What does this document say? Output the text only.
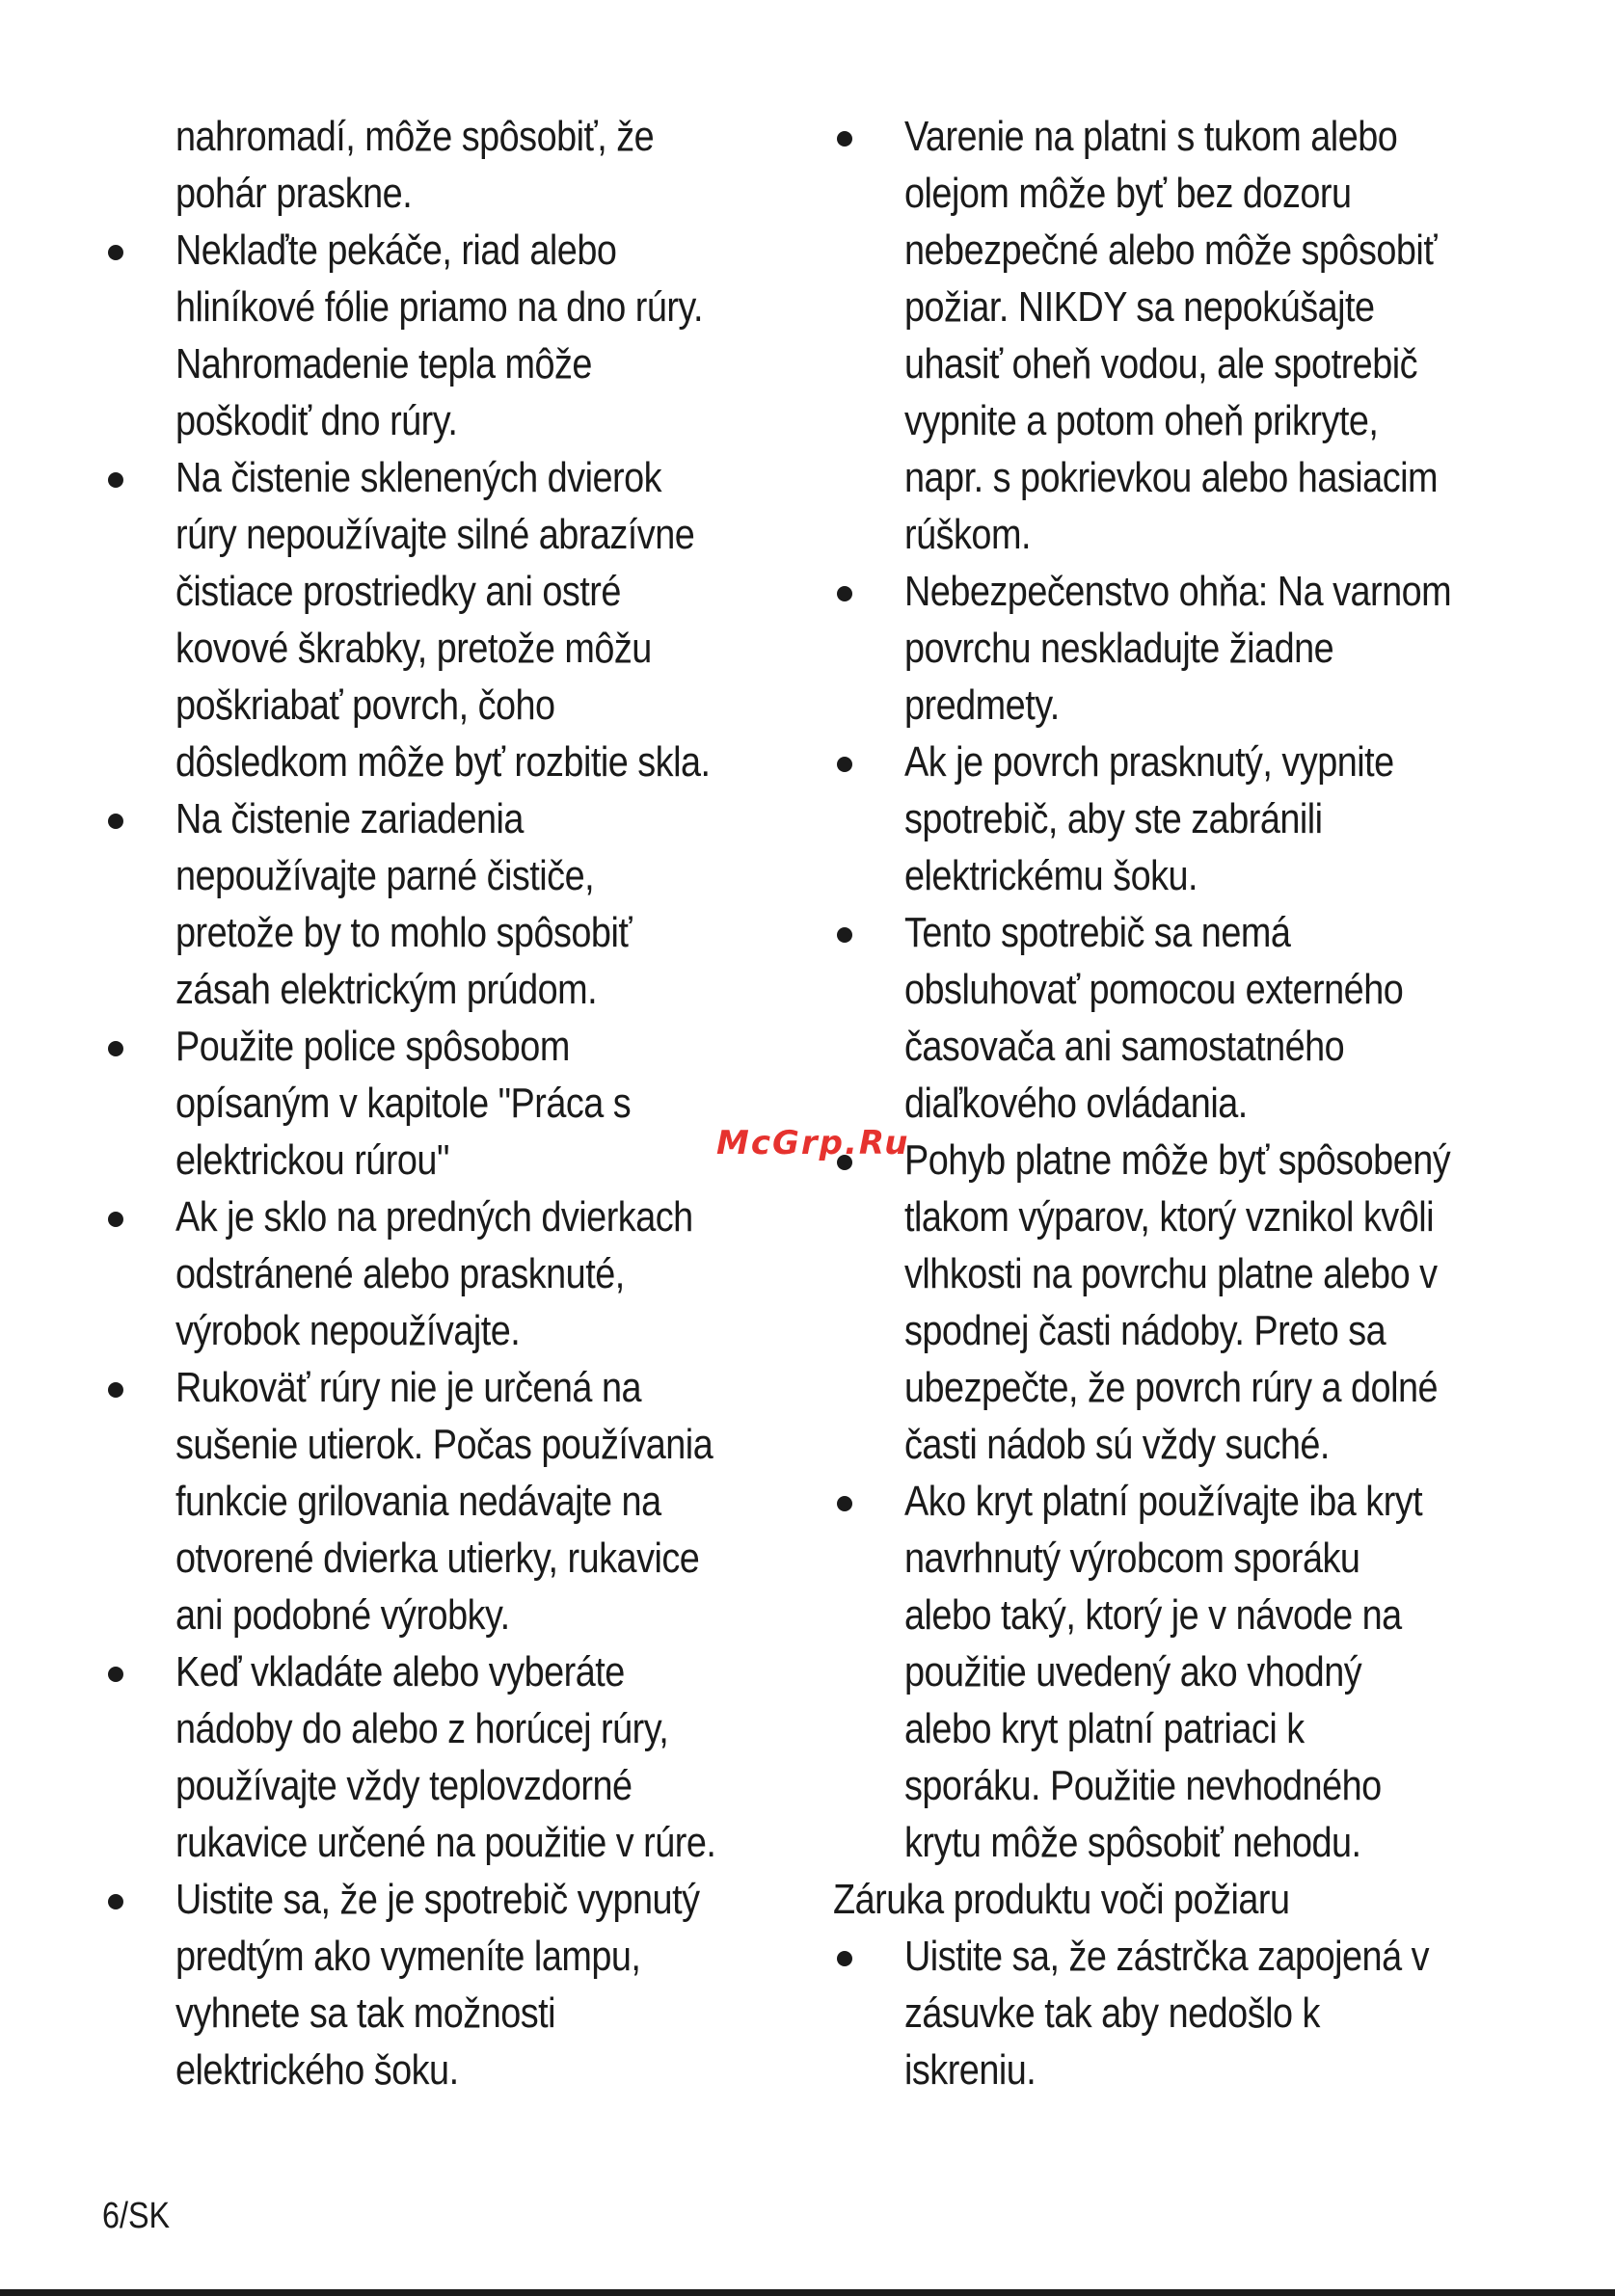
nahromadí, môže spôsobiť, že
pohár praskne.
Neklaďte pekáče, riad alebo
hliníkové fólie priamo na dno rúry.
Nahromadenie tepla môže
poškodiť dno rúry.
Na čistenie sklenených dvierok
rúry nepoužívajte silné abrazívne
čistiace prostriedky ani ostré
kovové škrabky, pretože môžu
poškriabať povrch, čoho
dôsledkom môže byť rozbitie skla.
Na čistenie zariadenia
nepoužívajte parné čističe,
pretože by to mohlo spôsobiť
zásah elektrickým prúdom.
Použite police spôsobom
opísaným v kapitole "Práca s
elektrickou rúrou"
Ak je sklo na predných dvierkach
odstránené alebo prasknuté,
výrobok nepoužívajte.
Rukoväť rúry nie je určená na
sušenie utierok. Počas používania
funkcie grilovania nedávajte na
otvorené dvierka utierky, rukavice
ani podobné výrobky.
Keď vkladáte alebo vyberáte
nádoby do alebo z horúcej rúry,
používajte vždy teplovzdorné
rukavice určené na použitie v rúre.
Uistite sa, že je spotrebič vypnutý
predtým ako vymeníte lampu,
vyhnete sa tak možnosti
elektrického šoku.
Varenie na platni s tukom alebo
olejom môže byť bez dozoru
nebezpečné alebo môže spôsobiť
požiar. NIKDY sa nepokúšajte
uhasiť oheň vodou, ale spotrebič
vypnite a potom oheň prikryte,
napr. s pokrievkou alebo hasiacim
rúškom.
Nebezpečenstvo ohňa: Na varnom
povrchu neskladujte žiadne
predmety.
Ak je povrch prasknutý, vypnite
spotrebič, aby ste zabránili
elektrickému šoku.
Tento spotrebič sa nemá
obsluhovať pomocou externého
časovača ani samostatného
diaľkového ovládania.
Pohyb platne môže byť spôsobený
tlakom výparov, ktorý vznikol kvôli
vlhkosti na povrchu platne alebo v
spodnej časti nádoby. Preto sa
ubezpečte, že povrch rúry a dolné
časti nádob sú vždy suché.
Ako kryt platní používajte iba kryt
navrhnutý výrobcom sporáku
alebo taký, ktorý je v návode na
použitie uvedený ako vhodný
alebo kryt platní patriaci k
sporáku. Použitie nevhodného
krytu môže spôsobiť nehodu.
Záruka produktu voči požiaru
Uistite sa, že zástrčka zapojená v
zásuvke tak aby nedošlo k
iskreniu.
McGrp.Ru
6/SK
